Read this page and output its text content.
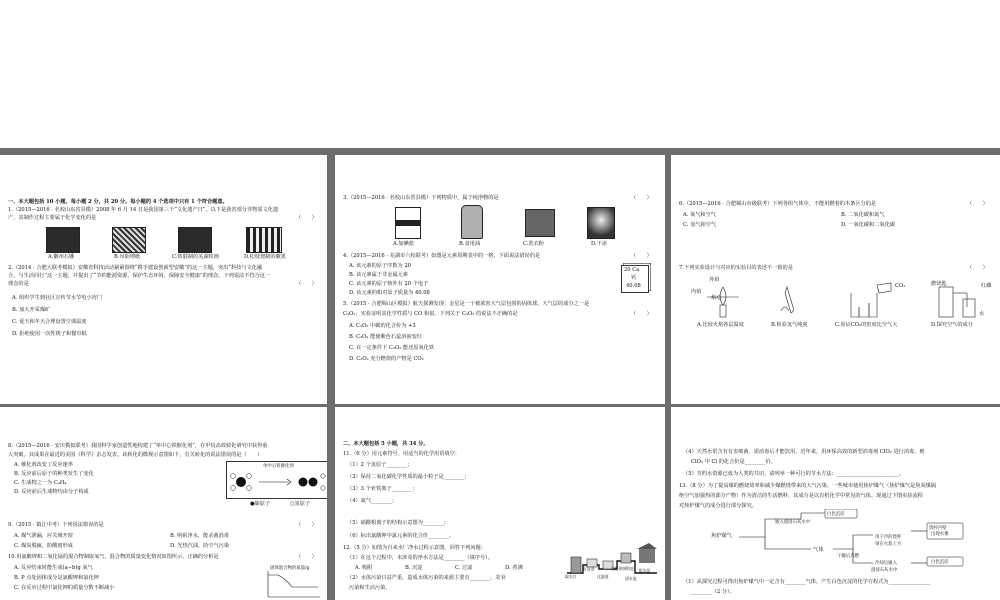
一、本大题包括 10 小题，每小题 2 分，共 20 分。每小题的 4 个选项中只有 1 个符合题意。
1.（2015—2016 · 名校山东省县模）2008 年 6 月 14 日是我国第三个“文化遗产日”。以下是我省部分非物质文化遗
产，其制作过程主要属于化学变化的是	（　　）
A.徽州石雕	B.阜阳剪纸	C.铁锻制的芜湖铁画	D.松枝烧制的徽墨
2.（2014 · 合肥大联考模拟）安徽省科技活动紧紧围绕“携手建设创新型安徽”的这一主题，突出“科技与文化融
合，与生活同行”这一主题，并提出了“节约能源资源，保护生态环境，保障安全健康”的理念。下列说法不符合这一
理念的是	（　　）
A. 组织学生到社区宣传节水节电小窍门
B. 加大开采煤矿
C. 夏天和冬天合理设置空调温度
D. 拒绝使用一次性筷子和餐巾纸
3.（2015—2016 · 名校山东省县模）下列物质中，属于纯净物的是	（　　）
A.加碘盐	B.食用油	C.洗衣粉	D.干冰
4.（2015—2016 · 芜湖市六校联考）如图是元素周期表中的一格，下面说法错误的是	（　　）
A. 该元素的原子序数为 20
B. 该元素属于非金属元素
C. 该元素的原子核外有 20 个电子
D. 该元素的相对原子质量为 40.08
20 Ca
钙
40.08
5.（2015 · 合肥蜀山区模拟）航天探测发现：金星是一个被浓密大气层包围的固体球，大气层的成分之一是
C₃O₂，实验证明其化学性质与 CO 相似。下列关于 C₃O₂ 的说法不正确的是	（　　）
A. C₃O₂ 中碳的化合价为 +3
B. C₃O₂ 能使紫色石蕊溶液变红
C. 在一定条件下 C₃O₂ 能还原氧化铁
D. C₃O₂ 充分燃烧的产物是 CO₂
6.（2015—2016 · 合肥蜀山市级联考）下列各组气体中，不能用燃着的木条区分的是	（　　）
A. 氧气和空气	B. 二氧化碳和氮气
C. 氢气和空气	D. 一氧化碳和二氧化碳
7.下列实验设计与对应的实验目的表述不一致的是	（　　）
内焰
外焰
焰心
CO₂	燃烧匙	红磷
水
A.比较火焰各层温度	B.检验氢气纯度	C.验证CO₂的密度比空气大	D.探究空气的成分
8.（2015—2016 · 安庆模拟联考）我国科学家创造性地构建了“单中心铁催化剂”，在甲烷高效转化研究中获得重
大突破。其成果在最近的美国《科学》杂志发表。该转化的微观示意图如下，有关转化的说法错误的是（　　）
A. 催化剂改变了反应速率
B. 反应前后原子的种类发生了变化
C. 生成物之一为 C₂H₄
D. 反应前后生成物均由分子构成
单中心铁催化剂
●碳原子	○氢原子
9.（2015 · 镇江中考）下列说法错误的是	（　　）
A. 煤气泄漏，应关阀开窗	B. 明矾净水，能杀菌消毒
C. 煤炭脱硫，防酸雨形成	D. 光热汽油，防空气污染
10.用氯酸钾和二氧化锰的混合物制取氧气，混合物的质量变化情况如图所示。正确的分析是	（　　）
A. 反应结束时能生成(a−b)g 氧气
B. P 点处固体成分是氯酸钾和氯化钾
C. 在反应过程中氯化钾的质量分数不断减小
固体混合物的质量/g
二、本大题包括 5 小题，共 34 分。
11.（6 分）用元素符号、用适当的化学用语填空：
（1）2 个氢原子________；
（2）保持二氧化碳化学性质的最小粒子是________；
（3）3 个亚铁离子________；
（4）氦气________；
（5）硝酸根离子的结构示意图为________；
（6）标出氯酸钾中氯元素的化合价________。
12.（5 分）如图为自来水厂净水过程示意图。回答下列问题：
（1）在这个过程中，未涉及的净水方法是________（填序号）。
A. 吸附	B. 沉淀	C. 过滤	D. 煮沸
（2）水体污染日益严重，造成水体污染的来源主要有________、农业
污染和生活污染。
取水口
沉淀池
过滤池
活性炭吸附池
清水池
配水泵
（4）天然水常含有有害细菌，需消毒后才能饮用。近年来，用环保高效的新型消毒剂 ClO₂ 进行消毒，则
ClO₂ 中 Cl 的化合价是________价。
（5）节约水资源已成为人类的共识，请列举一种可行的节水方法：________________________。
13.（8 分）为了提高煤的燃烧效率和减少煤燃烧带来的大气污染，一些城市使用焦炉煤气（焦炉煤气是焦炭煤隔
绝空气加强热的部分产物）作为清洁的生活燃料，其成分是以有机化学中常见的气体。现通过下图实验流程
对焦炉煤气的成分进行部分探究。
焦炉煤气
通入澄清石灰水中
白色沉淀
气体
干燥后点燃
罩在火焰上方
用干冷的烧杯
烧杯内壁
出现水雾
澄清石灰水中
冷却后通入	白色沉淀
（1）从探究过程可得出焦炉煤气中一定含有________气体，产生白色沉淀的化学方程式为________________
________（2 分）。
